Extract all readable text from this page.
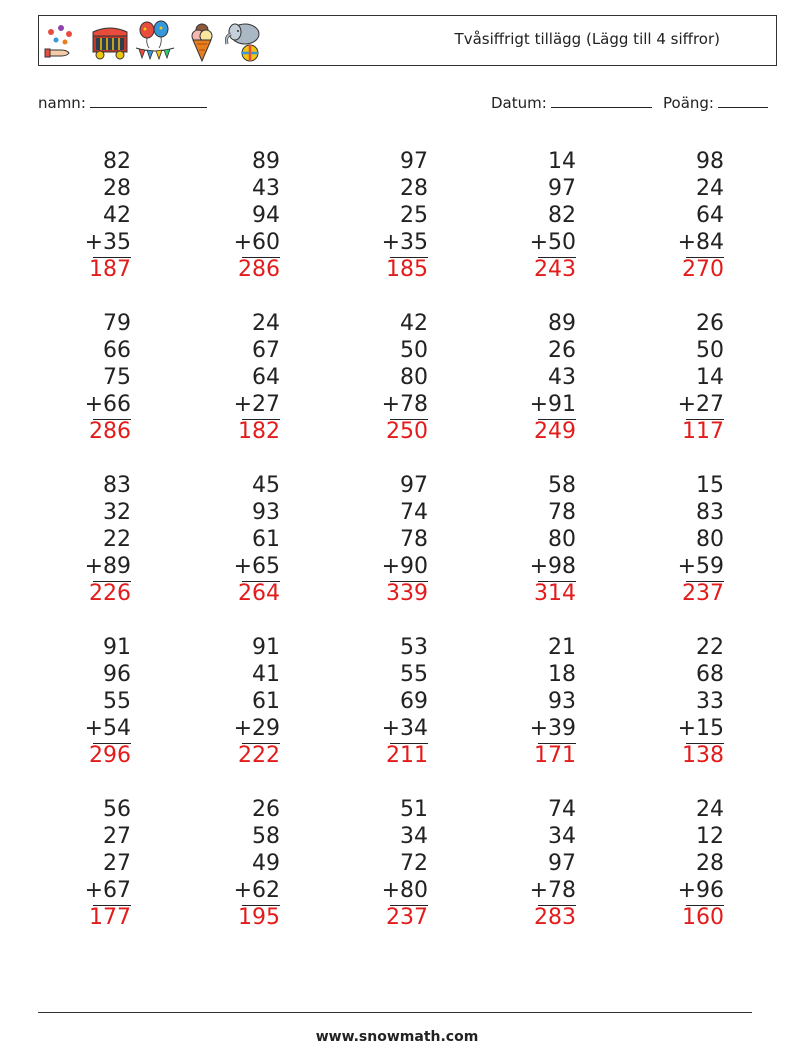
Tvåsiffrigt tillägg (Lägg till 4 siffror)
namn:	Datum:	Poäng:
82
28
42
+35
187
89
43
94
+60
286
97
28
25
+35
185
14
97
82
+50
243
98
24
64
+84
270
79
66
75
+66
286
24
67
64
+27
182
42
50
80
+78
250
89
26
43
+91
249
26
50
14
+27
117
83
32
22
+89
226
45
93
61
+65
264
97
74
78
+90
339
58
78
80
+98
314
15
83
80
+59
237
91
96
55
+54
296
91
41
61
+29
222
53
55
69
+34
211
21
18
93
+39
171
22
68
33
+15
138
56
27
27
+67
177
26
58
49
+62
195
51
34
72
+80
237
74
34
97
+78
283
24
12
28
+96
160
www.snowmath.com
